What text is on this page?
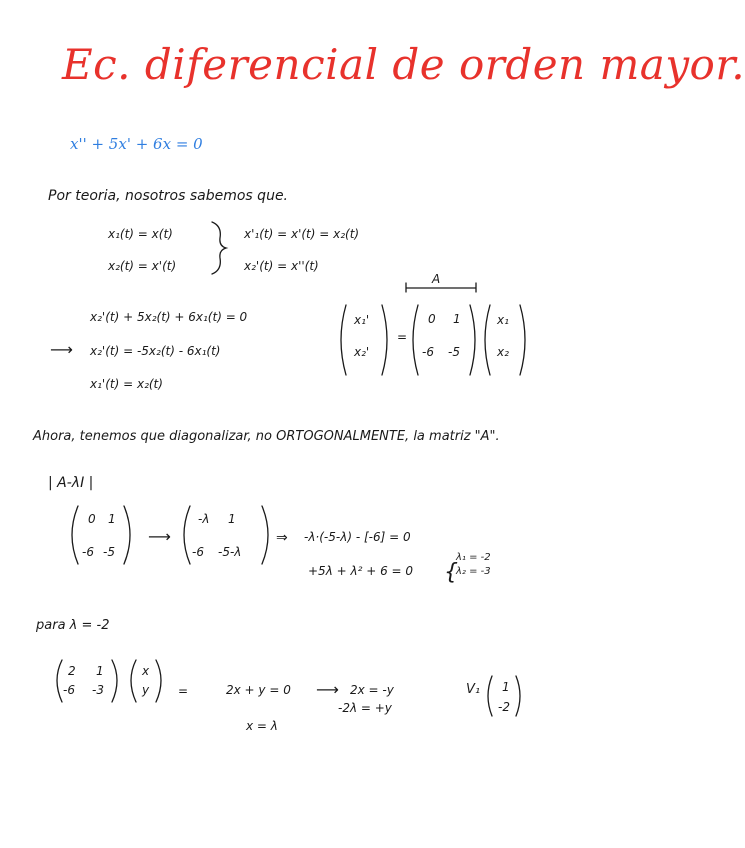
Ec. diferencial de orden mayor.
x'' + 5x' + 6x = 0
Por teoria, nosotros sabemos que.
x₁(t) = x(t)
x₂(t) = x'(t)
x'₁(t) = x'(t) = x₂(t)
x₂'(t) = x''(t)
x₂'(t) + 5x₂(t) + 6x₁(t) = 0
⟶ x₂'(t) = -5x₂(t) - 6x₁(t)
x₁'(t) = x₂(t)
A
x₁'
x₂'
=
0 1
-6 -5
x₁
x₂
Ahora, tenemos que diagonalizar, no ORTOGONALMENTE, la matriz "A".
| A-λI |
0 1
-6 -5
⟶
-λ 1
-6 -5-λ
⇒ -λ·(-5-λ) - [-6] = 0
+5λ + λ² + 6 = 0 {
λ₁ = -2
λ₂ = -3
para λ = -2
2 1
-6 -3
x
y =	2x + y = 0 ⟶ 2x = -y
-2λ = +y
x = λ
V₁ 1
-2
